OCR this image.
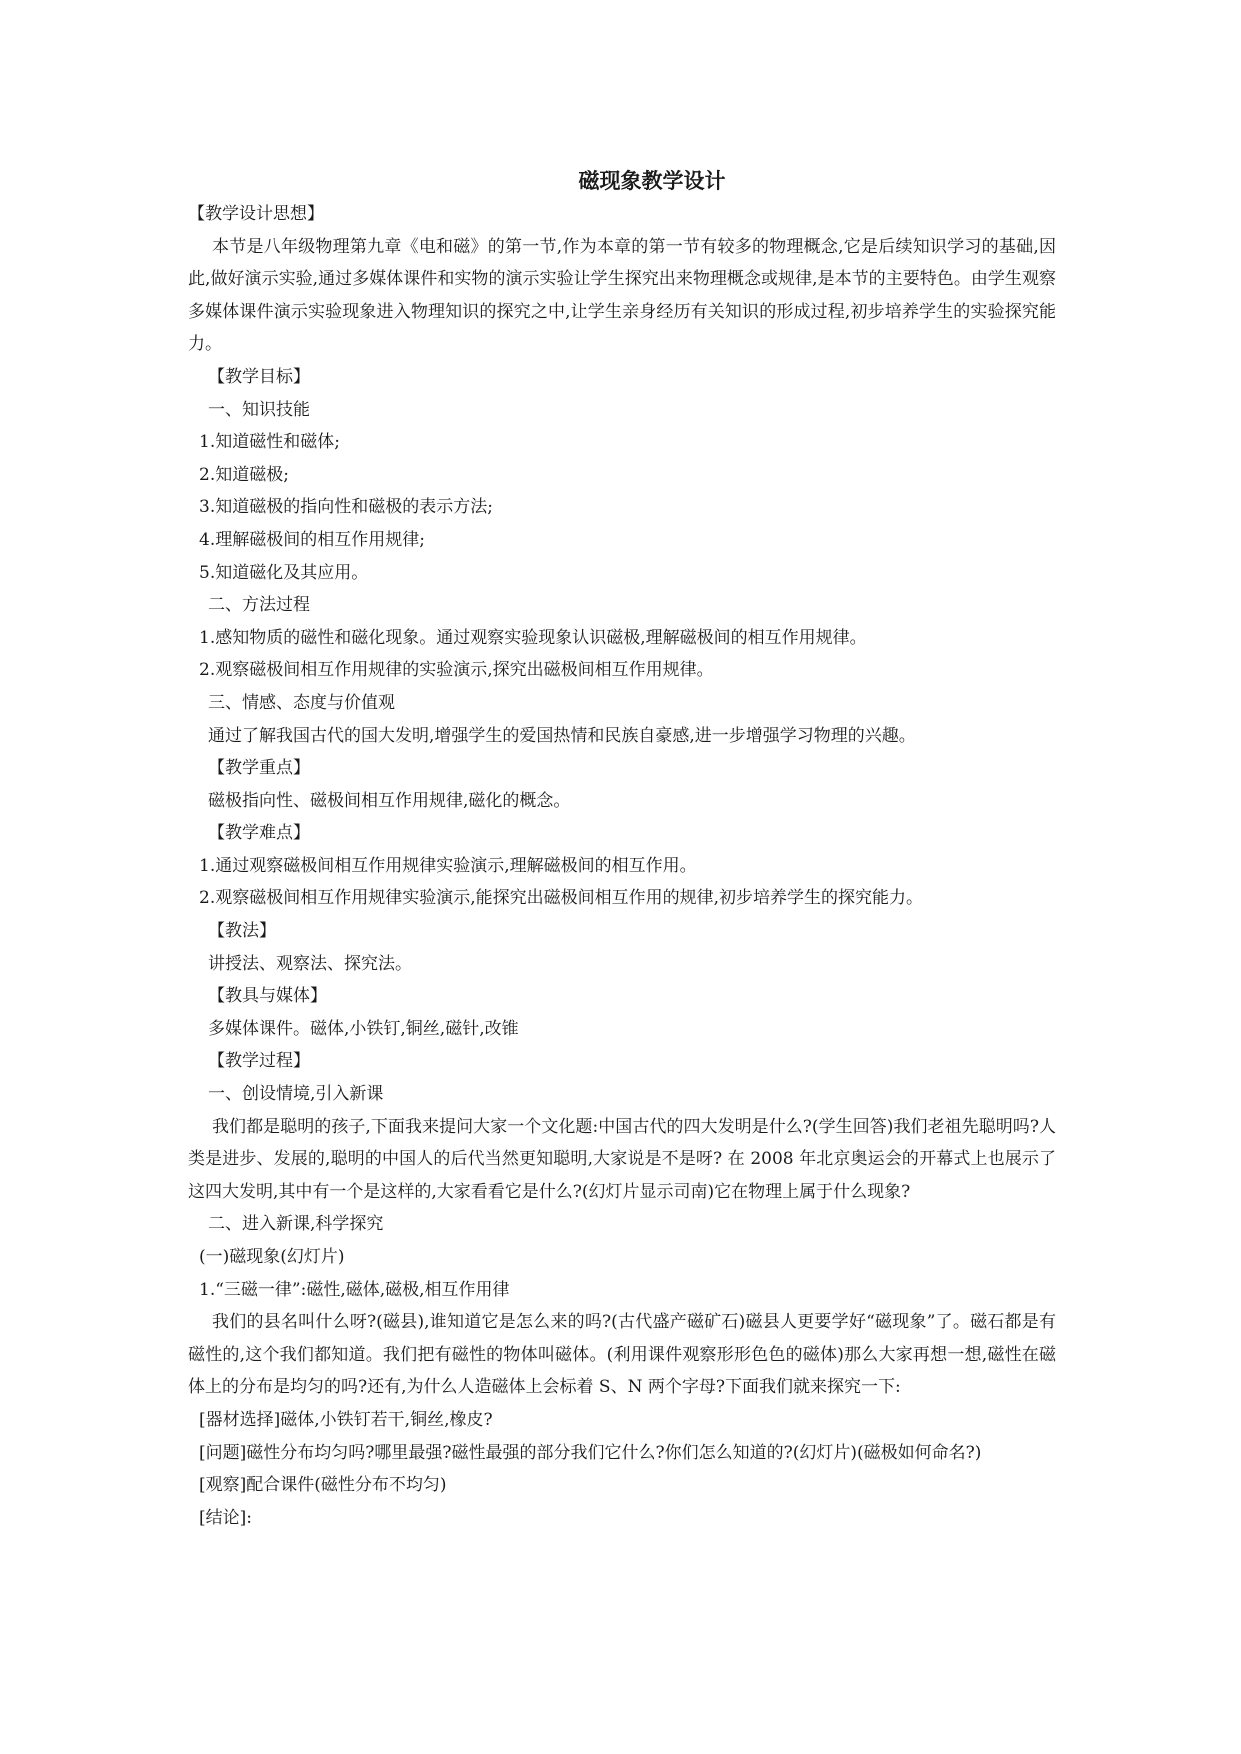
磁现象教学设计
【教学设计思想】
本节是八年级物理第九章《电和磁》的第一节,作为本章的第一节有较多的物理概念,它是后续知识学习的基础,因此,做好演示实验,通过多媒体课件和实物的演示实验让学生探究出来物理概念或规律,是本节的主要特色。由学生观察多媒体课件演示实验现象进入物理知识的探究之中,让学生亲身经历有关知识的形成过程,初步培养学生的实验探究能力。
【教学目标】
一、知识技能
1.知道磁性和磁体;
2.知道磁极;
3.知道磁极的指向性和磁极的表示方法;
4.理解磁极间的相互作用规律;
5.知道磁化及其应用。
二、方法过程
1.感知物质的磁性和磁化现象。通过观察实验现象认识磁极,理解磁极间的相互作用规律。
2.观察磁极间相互作用规律的实验演示,探究出磁极间相互作用规律。
三、情感、态度与价值观
通过了解我国古代的国大发明,增强学生的爱国热情和民族自豪感,进一步增强学习物理的兴趣。
【教学重点】
磁极指向性、磁极间相互作用规律,磁化的概念。
【教学难点】
1.通过观察磁极间相互作用规律实验演示,理解磁极间的相互作用。
2.观察磁极间相互作用规律实验演示,能探究出磁极间相互作用的规律,初步培养学生的探究能力。
【教法】
讲授法、观察法、探究法。
【教具与媒体】
多媒体课件。磁体,小铁钉,铜丝,磁针,改锥
【教学过程】
一、创设情境,引入新课
我们都是聪明的孩子,下面我来提问大家一个文化题:中国古代的四大发明是什么?(学生回答)我们老祖先聪明吗?人类是进步、发展的,聪明的中国人的后代当然更知聪明,大家说是不是呀? 在 2008 年北京奥运会的开幕式上也展示了这四大发明,其中有一个是这样的,大家看看它是什么?(幻灯片显示司南)它在物理上属于什么现象?
二、进入新课,科学探究
(一)磁现象(幻灯片)
1.“三磁一律”:磁性,磁体,磁极,相互作用律
我们的县名叫什么呀?(磁县),谁知道它是怎么来的吗?(古代盛产磁矿石)磁县人更要学好“磁现象”了。磁石都是有磁性的,这个我们都知道。我们把有磁性的物体叫磁体。(利用课件观察形形色色的磁体)那么大家再想一想,磁性在磁体上的分布是均匀的吗?还有,为什么人造磁体上会标着 S、N 两个字母?下面我们就来探究一下:
[器材选择]磁体,小铁钉若干,铜丝,橡皮?
[问题]磁性分布均匀吗?哪里最强?磁性最强的部分我们它什么?你们怎么知道的?(幻灯片)(磁极如何命名?)
[观察]配合课件(磁性分布不均匀)
[结论]:
